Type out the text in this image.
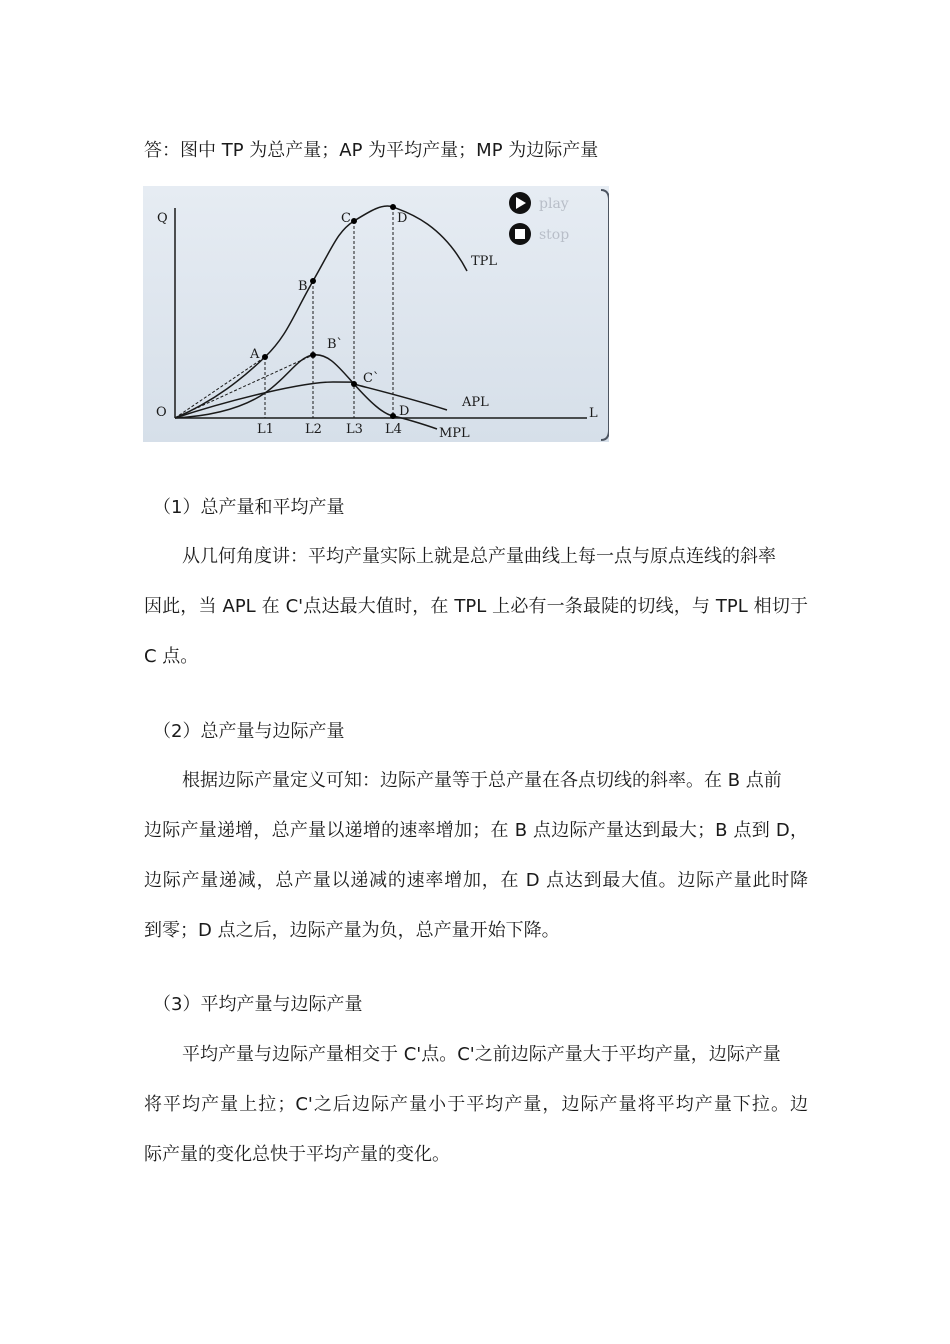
答：图中 TP 为总产量；AP 为平均产量；MP 为边际产量
Q
L
O
A
B
C	D
B`
C`
D
TPL
APL
MPL
L1 L2 L3 L4
play
stop
（1）总产量和平均产量
从几何角度讲：平均产量实际上就是总产量曲线上每一点与原点连线的斜率
因此，当 APL 在 C'点达最大值时，在 TPL 上必有一条最陡的切线，与 TPL 相切于
C 点。
（2）总产量与边际产量
根据边际产量定义可知：边际产量等于总产量在各点切线的斜率。在 B 点前
边际产量递增，总产量以递增的速率增加；在 B 点边际产量达到最大；B 点到 D，
边际产量递减，总产量以递减的速率增加，在 D 点达到最大值。边际产量此时降
到零；D 点之后，边际产量为负，总产量开始下降。
（3）平均产量与边际产量
平均产量与边际产量相交于 C'点。C'之前边际产量大于平均产量，边际产量
将平均产量上拉；C'之后边际产量小于平均产量，边际产量将平均产量下拉。边
际产量的变化总快于平均产量的变化。
